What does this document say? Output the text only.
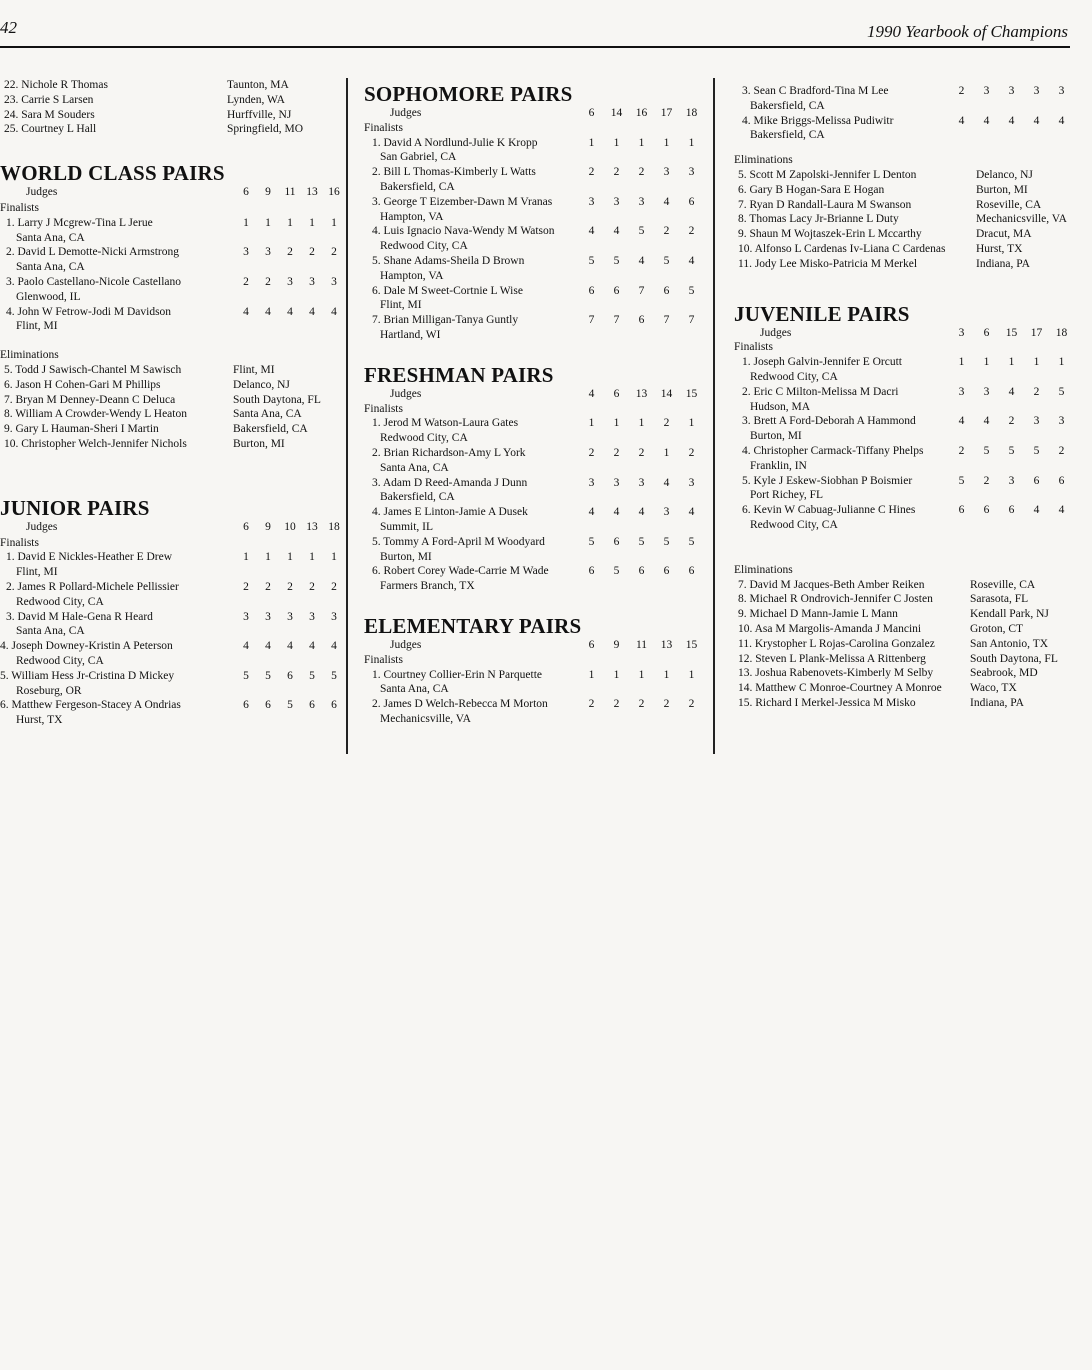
42	1990 Yearbook of Champions
22. Nichole R Thomas	Taunton, MA
23. Carrie S Larsen	Lynden, WA
24. Sara M Souders	Hurffville, NJ
25. Courtney L Hall	Springfield, MO
WORLD CLASS PAIRS
Judges	6	9	11 13 16
Finalists
1. Larry J Mcgrew-Tina L Jerue	1	1	1	1	1
Santa Ana, CA
2. David L Demotte-Nicki Armstrong	3	3	2	2	2
Santa Ana, CA
3. Paolo Castellano-Nicole Castellano	2	2	3	3	3
Glenwood, IL
4. John W Fetrow-Jodi M Davidson	4	4	4	4	4
Flint, MI
Eliminations
5. Todd J Sawisch-Chantel M Sawisch	Flint, MI
6. Jason H Cohen-Gari M Phillips	Delanco, NJ
7. Bryan M Denney-Deann C Deluca	South Daytona, FL
8. William A Crowder-Wendy L Heaton	Santa Ana, CA
9. Gary L Hauman-Sheri I Martin	Bakersfield, CA
10. Christopher Welch-Jennifer Nichols	Burton, MI
JUNIOR PAIRS
Judges	6	9	10 13 18
Finalists
1. David E Nickles-Heather E Drew	1	1	1	1	1
Flint, MI
2. James R Pollard-Michele Pellissier	2	2	2	2	2
Redwood City, CA
3. David M Hale-Gena R Heard	3	3	3	3	3
Santa Ana, CA
4. Joseph Downey-Kristin A Peterson	4	4	4	4	4
Redwood City, CA
5. William Hess Jr-Cristina D Mickey	5	5	6	5	5
Roseburg, OR
6. Matthew Fergeson-Stacey A Ondrias	6	6	5	6	6
Hurst, TX
SOPHOMORE PAIRS
Judges	6	14	16	17	18
Finalists
1. David A Nordlund-Julie K Kropp	1	1	1	1	1
San Gabriel, CA
2. Bill L Thomas-Kimberly L Watts	2	2	2	3	3
Bakersfield, CA
3. George T Eizember-Dawn M Vranas	3	3	3	4	6
Hampton, VA
4. Luis Ignacio Nava-Wendy M Watson	4	4	5	2	2
Redwood City, CA
5. Shane Adams-Sheila D Brown	5	5	4	5	4
Hampton, VA
6. Dale M Sweet-Cortnie L Wise	6	6	7	6	5
Flint, MI
7. Brian Milligan-Tanya Guntly	7	7	6	7	7
Hartland, WI
FRESHMAN PAIRS
Judges	4	6	13	14	15
Finalists
1. Jerod M Watson-Laura Gates	1	1	1	2	1
Redwood City, CA
2. Brian Richardson-Amy L York	2	2	2	1	2
Santa Ana, CA
3. Adam D Reed-Amanda J Dunn	3	3	3	4	3
Bakersfield, CA
4. James E Linton-Jamie A Dusek	4	4	4	3	4
Summit, IL
5. Tommy A Ford-April M Woodyard	5	6	5	5	5
Burton, MI
6. Robert Corey Wade-Carrie M Wade	6	5	6	6	6
Farmers Branch, TX
ELEMENTARY PAIRS
Judges	6	9	11	13	15
Finalists
1. Courtney Collier-Erin N Parquette	1	1	1	1	1
Santa Ana, CA
2. James D Welch-Rebecca M Morton	2	2	2	2	2
Mechanicsville, VA
3. Sean C Bradford-Tina M Lee	2	3	3	3	3
Bakersfield, CA
4. Mike Briggs-Melissa Pudiwitr	4	4	4	4	4
Bakersfield, CA
Eliminations
5. Scott M Zapolski-Jennifer L Denton	Delanco, NJ
6. Gary B Hogan-Sara E Hogan	Burton, MI
7. Ryan D Randall-Laura M Swanson	Roseville, CA
8. Thomas Lacy Jr-Brianne L Duty	Mechanicsville, VA
9. Shaun M Wojtaszek-Erin L Mccarthy	Dracut, MA
10. Alfonso L Cardenas Iv-Liana C Cardenas	Hurst, TX
11. Jody Lee Misko-Patricia M Merkel	Indiana, PA
JUVENILE PAIRS
Judges	3	6	15	17	18
Finalists
1. Joseph Galvin-Jennifer E Orcutt	1	1	1	1	1
Redwood City, CA
2. Eric C Milton-Melissa M Dacri	3	3	4	2	5
Hudson, MA
3. Brett A Ford-Deborah A Hammond	4	4	2	3	3
Burton, MI
4. Christopher Carmack-Tiffany Phelps	2	5	5	5	2
Franklin, IN
5. Kyle J Eskew-Siobhan P Boismier	5	2	3	6	6
Port Richey, FL
6. Kevin W Cabuag-Julianne C Hines	6	6	6	4	4
Redwood City, CA
Eliminations
7. David M Jacques-Beth Amber Reiken	Roseville, CA
8. Michael R Ondrovich-Jennifer C Josten	Sarasota, FL
9. Michael D Mann-Jamie L Mann	Kendall Park, NJ
10. Asa M Margolis-Amanda J Mancini	Groton, CT
11. Krystopher L Rojas-Carolina Gonzalez	San Antonio, TX
12. Steven L Plank-Melissa A Rittenberg	South Daytona, FL
13. Joshua Rabenovets-Kimberly M Selby	Seabrook, MD
14. Matthew C Monroe-Courtney A Monroe	Waco, TX
15. Richard I Merkel-Jessica M Misko	Indiana, PA
